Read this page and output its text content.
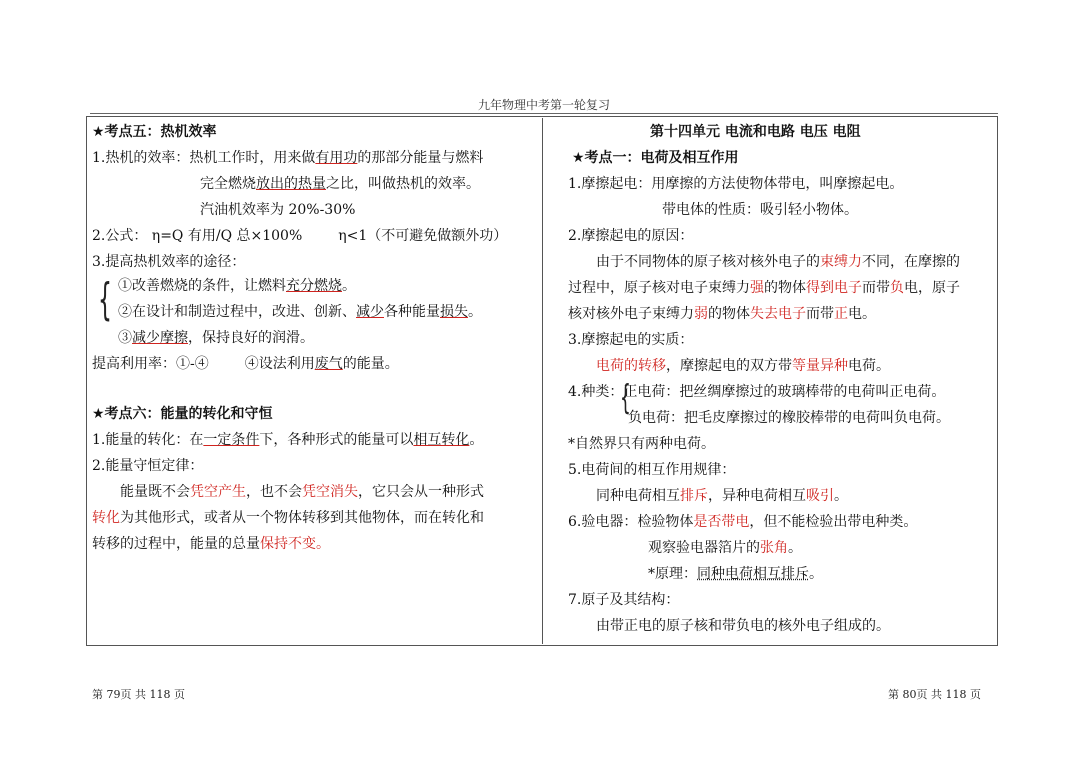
九年物理中考第一轮复习
★考点五：热机效率
1.热机的效率：热机工作时，用来做有用功的那部分能量与燃料
完全燃烧放出的热量之比，叫做热机的效率。
汽油机效率为 20%-30%
2.公式： η=Q 有用/Q 总×100%	η<1（不可避免做额外功）
3.提高热机效率的途径：
{ ①改善燃烧的条件，让燃料充分燃烧。
②在设计和制造过程中，改进、创新、减少各种能量损失。
③减少摩擦，保持良好的润滑。
提高利用率：①-④	④设法利用废气的能量。
★考点六：能量的转化和守恒
1.能量的转化：在一定条件下，各种形式的能量可以相互转化。
2.能量守恒定律：
能量既不会凭空产生，也不会凭空消失，它只会从一种形式
转化为其他形式，或者从一个物体转移到其他物体，而在转化和
转移的过程中，能量的总量保持不变。
第十四单元 电流和电路 电压 电阻
★考点一：电荷及相互作用
1.摩擦起电：用摩擦的方法使物体带电，叫摩擦起电。
带电体的性质：吸引轻小物体。
2.摩擦起电的原因：
由于不同物体的原子核对核外电子的束缚力不同，在摩擦的
过程中，原子核对电子束缚力强的物体得到电子而带负电，原子
核对核外电子束缚力弱的物体失去电子而带正电。
3.摩擦起电的实质：
电荷的转移，摩擦起电的双方带等量异种电荷。
4.种类：正电荷：把丝绸摩擦过的玻璃棒带的电荷叫正电荷。
{
负电荷：把毛皮摩擦过的橡胶棒带的电荷叫负电荷。
*自然界只有两种电荷。
5.电荷间的相互作用规律：
同种电荷相互排斥，异种电荷相互吸引。
6.验电器：检验物体是否带电，但不能检验出带电种类。
观察验电器箔片的张角。
*原理：同种电荷相互排斥。
7.原子及其结构：
由带正电的原子核和带负电的核外电子组成的。
第 79页 共 118 页	第 80页 共 118 页
